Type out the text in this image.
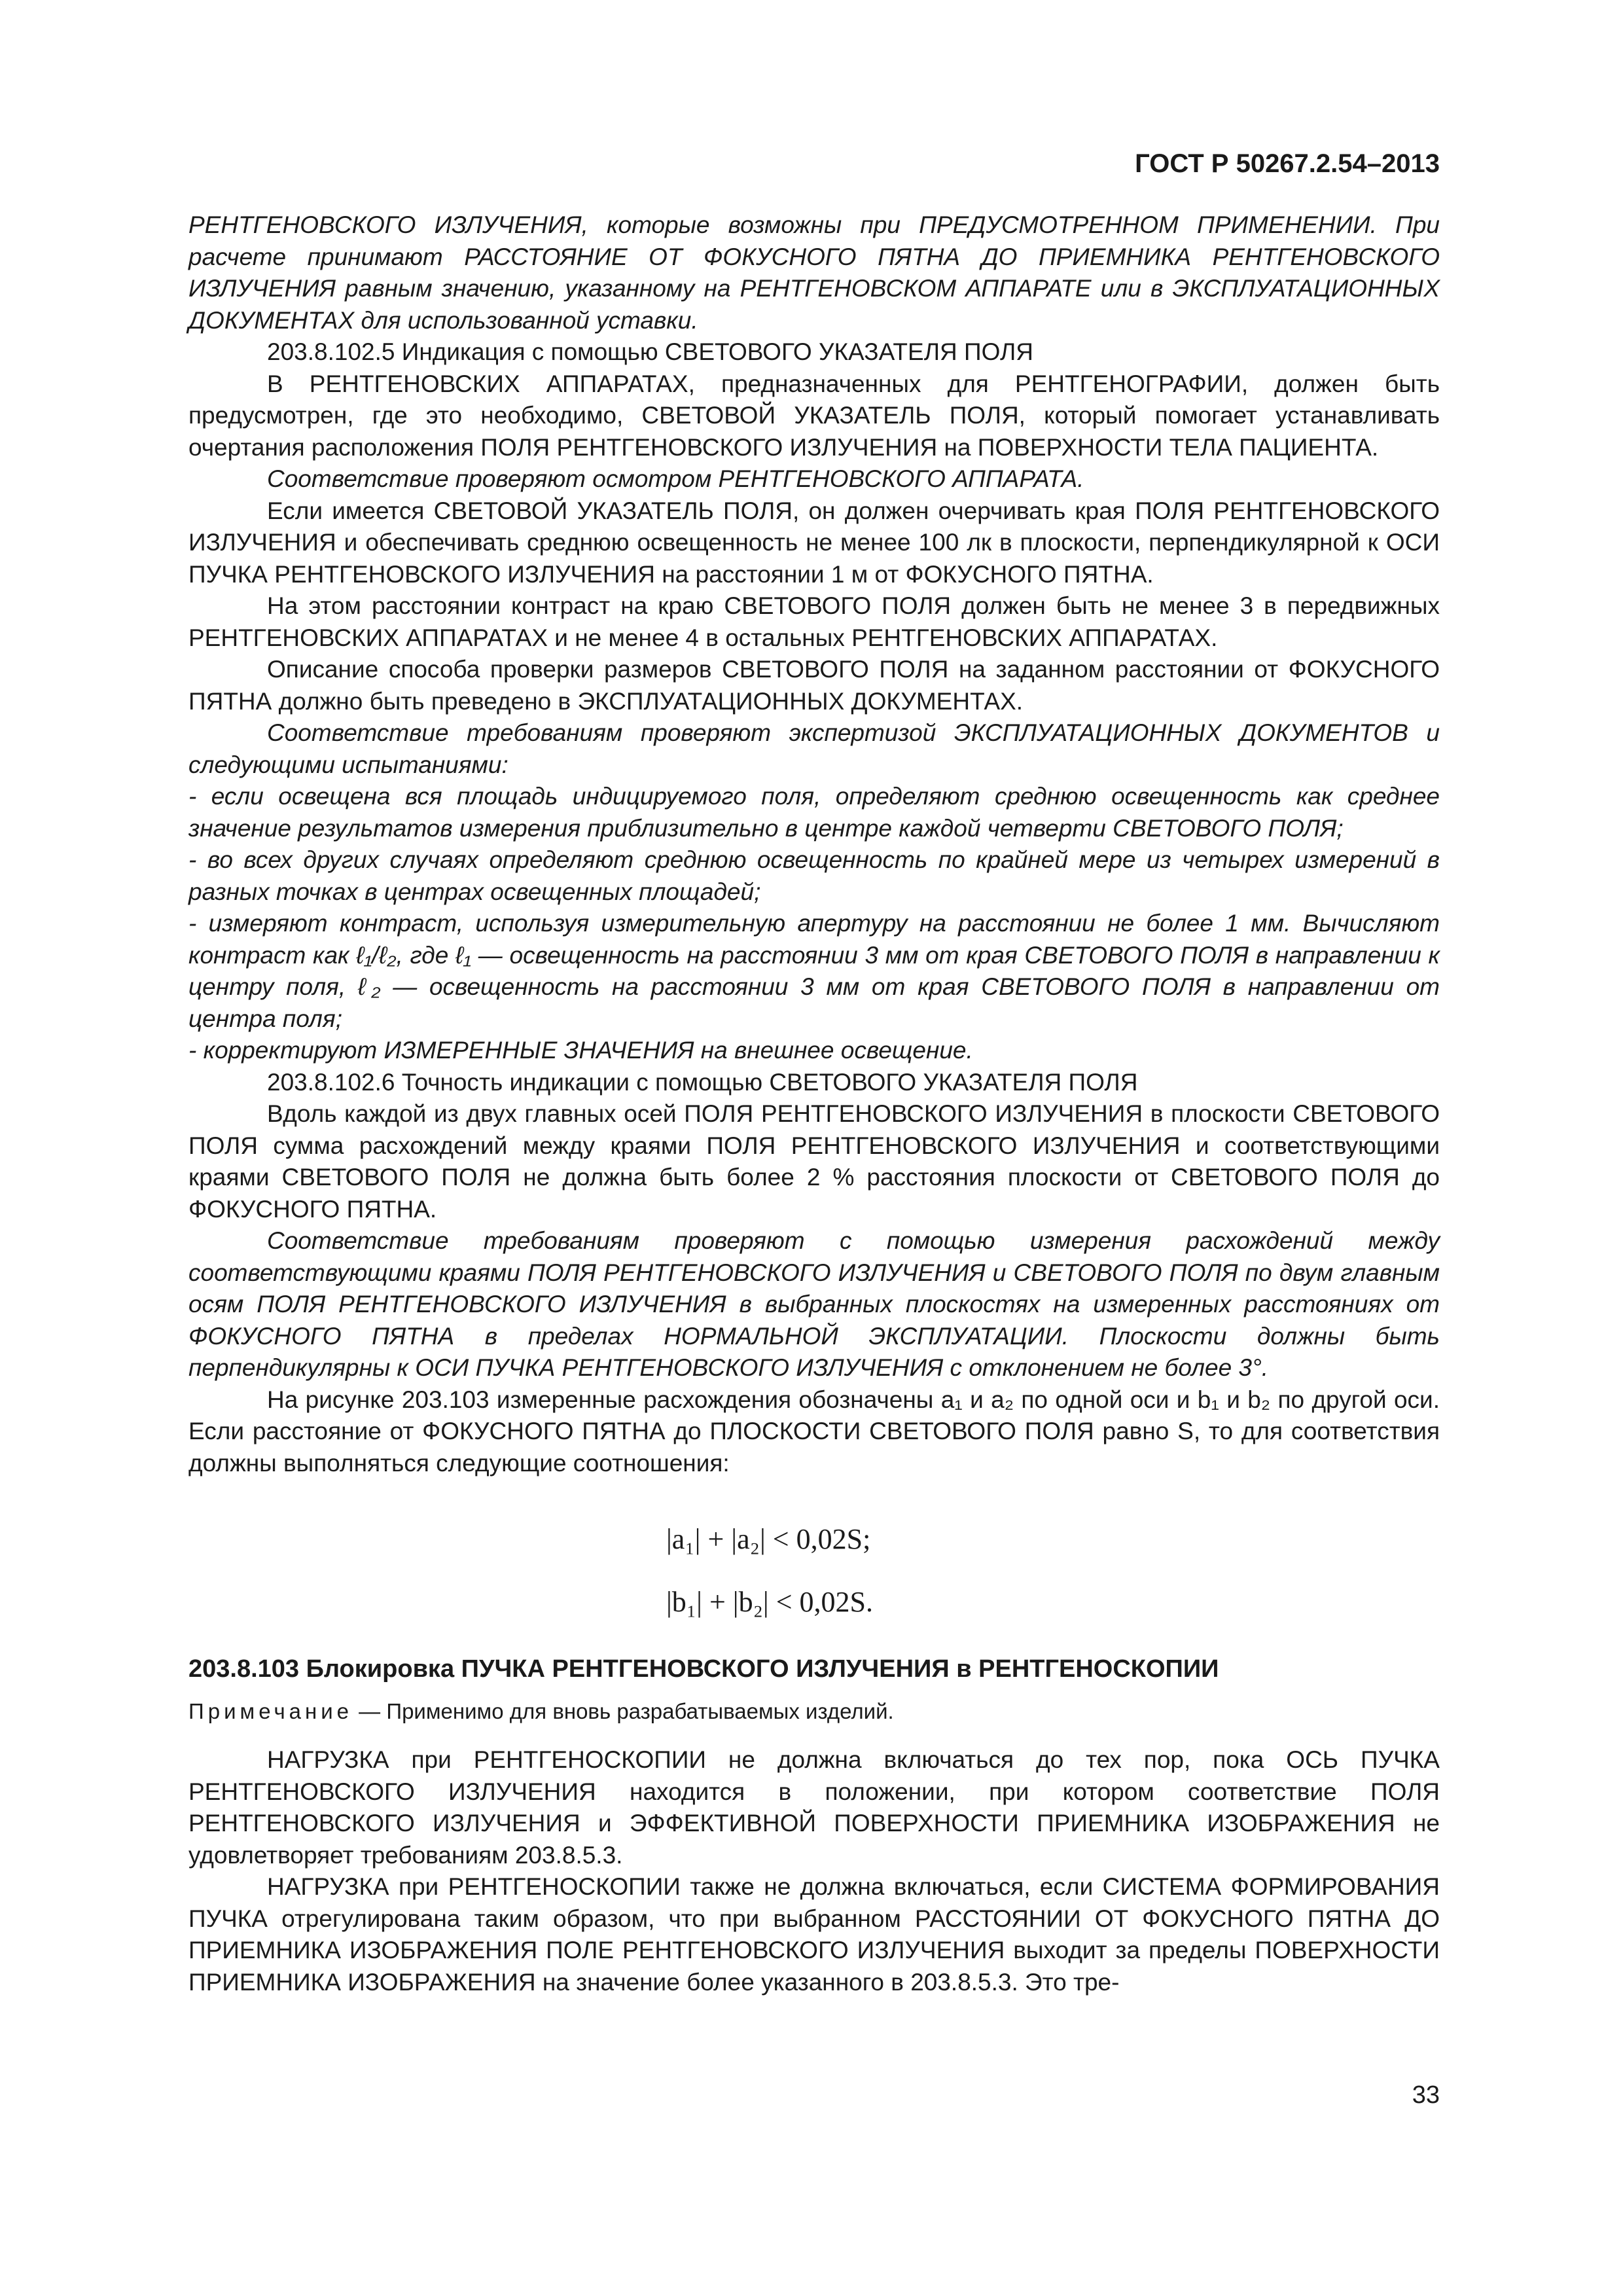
ГОСТ Р 50267.2.54–2013

РЕНТГЕНОВСКОГО ИЗЛУЧЕНИЯ, которые возможны при ПРЕДУСМОТРЕННОМ ПРИМЕНЕНИИ. При расчете принимают РАССТОЯНИЕ ОТ ФОКУСНОГО ПЯТНА ДО ПРИЕМНИКА РЕНТГЕНОВСКОГО ИЗЛУЧЕНИЯ равным значению, указанному на РЕНТГЕНОВСКОМ АППАРАТЕ или в ЭКСПЛУАТАЦИОННЫХ ДОКУМЕНТАХ для использованной уставки.

203.8.102.5 Индикация с помощью СВЕТОВОГО УКАЗАТЕЛЯ ПОЛЯ

В РЕНТГЕНОВСКИХ АППАРАТАХ, предназначенных для РЕНТГЕНОГРАФИИ, должен быть предусмотрен, где это необходимо, СВЕТОВОЙ УКАЗАТЕЛЬ ПОЛЯ, который помогает устанавливать очертания расположения ПОЛЯ РЕНТГЕНОВСКОГО ИЗЛУЧЕНИЯ на ПОВЕРХНОСТИ ТЕЛА ПАЦИЕНТА.

Соответствие проверяют осмотром РЕНТГЕНОВСКОГО АППАРАТА.

Если имеется СВЕТОВОЙ УКАЗАТЕЛЬ ПОЛЯ, он должен очерчивать края ПОЛЯ РЕНТГЕНОВСКОГО ИЗЛУЧЕНИЯ и обеспечивать среднюю освещенность не менее 100 лк в плоскости, перпендикулярной к ОСИ ПУЧКА РЕНТГЕНОВСКОГО ИЗЛУЧЕНИЯ на расстоянии 1 м от ФОКУСНОГО ПЯТНА.

На этом расстоянии контраст на краю СВЕТОВОГО ПОЛЯ должен быть не менее 3 в передвижных РЕНТГЕНОВСКИХ АППАРАТАХ и не менее 4 в остальных РЕНТГЕНОВСКИХ АППАРАТАХ.

Описание способа проверки размеров СВЕТОВОГО ПОЛЯ на заданном расстоянии от ФОКУСНОГО ПЯТНА должно быть преведено в ЭКСПЛУАТАЦИОННЫХ ДОКУМЕНТАХ.

Соответствие требованиям проверяют экспертизой ЭКСПЛУАТАЦИОННЫХ ДОКУМЕНТОВ и следующими испытаниями:

- если освещена вся площадь индицируемого поля, определяют среднюю освещенность как среднее значение результатов измерения приблизительно в центре каждой четверти СВЕТОВОГО ПОЛЯ;

- во всех других случаях определяют среднюю освещенность по крайней мере из четырех измерений в разных точках в центрах освещенных площадей;

- измеряют контраст, используя измерительную апертуру на расстоянии не более 1 мм. Вычисляют контраст как ℓ₁/ℓ₂, где ℓ₁ — освещенность на расстоянии 3 мм от края СВЕТОВОГО ПОЛЯ в направлении к центру поля, ℓ₂ — освещенность на расстоянии 3 мм от края СВЕТОВОГО ПОЛЯ в направлении от центра поля;

- корректируют ИЗМЕРЕННЫЕ ЗНАЧЕНИЯ на внешнее освещение.

203.8.102.6 Точность индикации с помощью СВЕТОВОГО УКАЗАТЕЛЯ ПОЛЯ

Вдоль каждой из двух главных осей ПОЛЯ РЕНТГЕНОВСКОГО ИЗЛУЧЕНИЯ в плоскости СВЕТОВОГО ПОЛЯ сумма расхождений между краями ПОЛЯ РЕНТГЕНОВСКОГО ИЗЛУЧЕНИЯ и соответствующими краями СВЕТОВОГО ПОЛЯ не должна быть более 2 % расстояния плоскости от СВЕТОВОГО ПОЛЯ до ФОКУСНОГО ПЯТНА.

Соответствие требованиям проверяют с помощью измерения расхождений между соответствующими краями ПОЛЯ РЕНТГЕНОВСКОГО ИЗЛУЧЕНИЯ и СВЕТОВОГО ПОЛЯ по двум главным осям ПОЛЯ РЕНТГЕНОВСКОГО ИЗЛУЧЕНИЯ в выбранных плоскостях на измеренных расстояниях от ФОКУСНОГО ПЯТНА в пределах НОРМАЛЬНОЙ ЭКСПЛУАТАЦИИ. Плоскости должны быть перпендикулярны к ОСИ ПУЧКА РЕНТГЕНОВСКОГО ИЗЛУЧЕНИЯ с отклонением не более 3°.

На рисунке 203.103 измеренные расхождения обозначены a₁ и a₂ по одной оси и b₁ и b₂ по другой оси. Если расстояние от ФОКУСНОГО ПЯТНА до ПЛОСКОСТИ СВЕТОВОГО ПОЛЯ равно S, то для соответствия должны выполняться следующие соотношения:

|a₁| + |a₂| < 0,02S;
|b₁| + |b₂| < 0,02S.

203.8.103 Блокировка ПУЧКА РЕНТГЕНОВСКОГО ИЗЛУЧЕНИЯ в РЕНТГЕНОСКОПИИ

Примечание — Применимо для вновь разрабатываемых изделий.

НАГРУЗКА при РЕНТГЕНОСКОПИИ не должна включаться до тех пор, пока ОСЬ ПУЧКА РЕНТГЕНОВСКОГО ИЗЛУЧЕНИЯ находится в положении, при котором соответствие ПОЛЯ РЕНТГЕНОВСКОГО ИЗЛУЧЕНИЯ и ЭФФЕКТИВНОЙ ПОВЕРХНОСТИ ПРИЕМНИКА ИЗОБРАЖЕНИЯ не удовлетворяет требованиям 203.8.5.3.

НАГРУЗКА при РЕНТГЕНОСКОПИИ также не должна включаться, если СИСТЕМА ФОРМИРОВАНИЯ ПУЧКА отрегулирована таким образом, что при выбранном РАССТОЯНИИ ОТ ФОКУСНОГО ПЯТНА ДО ПРИЕМНИКА ИЗОБРАЖЕНИЯ ПОЛЕ РЕНТГЕНОВСКОГО ИЗЛУЧЕНИЯ выходит за пределы ПОВЕРХНОСТИ ПРИЕМНИКА ИЗОБРАЖЕНИЯ на значение более указанного в 203.8.5.3. Это тре-

33
